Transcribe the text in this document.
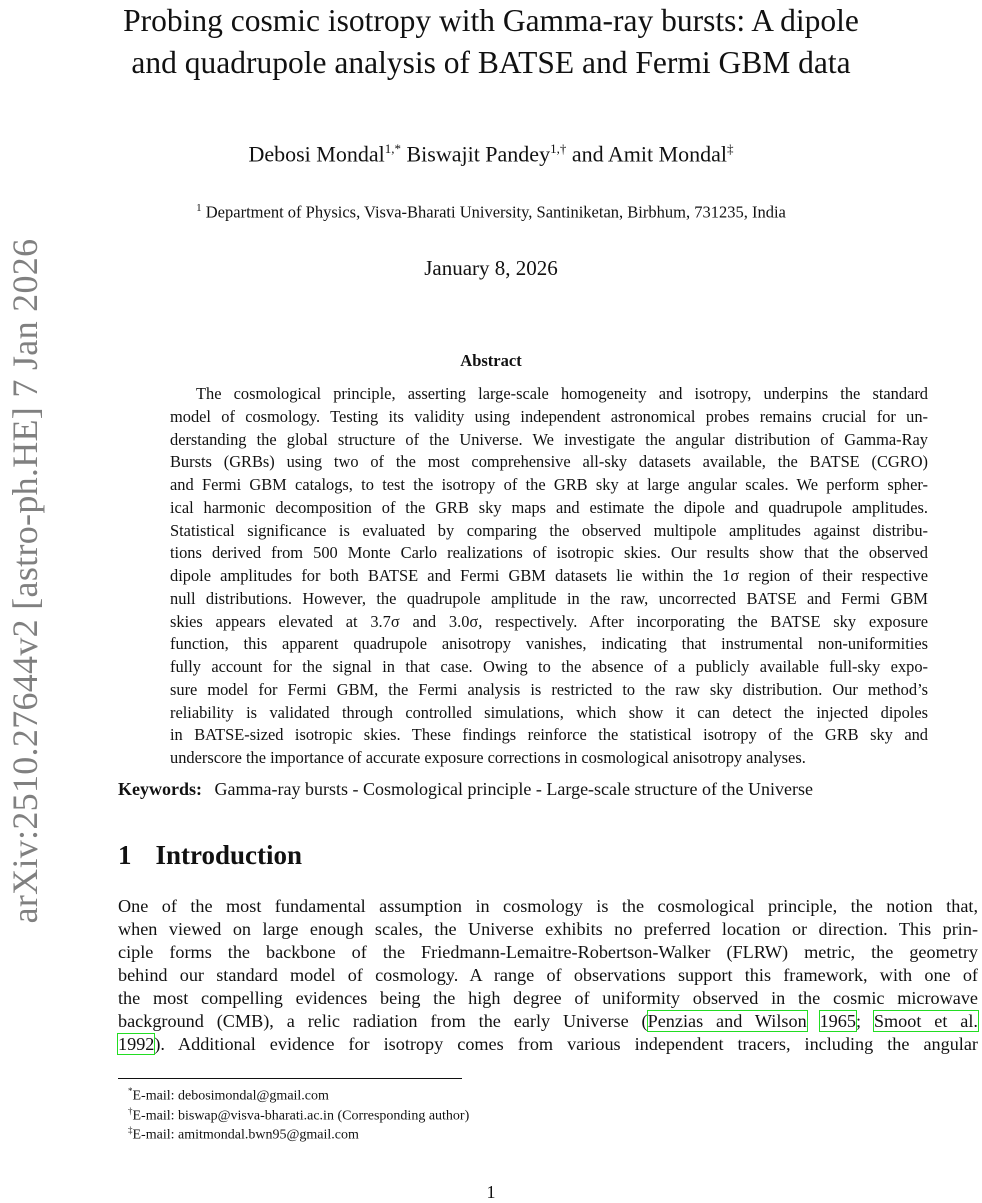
arXiv:2510.27644v2 [astro-ph.HE] 7 Jan 2026
Probing cosmic isotropy with Gamma-ray bursts: A dipole
and quadrupole analysis of BATSE and Fermi GBM data
Debosi Mondal$^{1,*}$ Biswajit Pandey$^{1,\dagger}$ and Amit Mondal‡
$^1$ Department of Physics, Visva-Bharati University, Santiniketan, Birbhum, 731235, India
January 8, 2026
Abstract
The cosmological principle, asserting large-scale homogeneity and isotropy, underpins the standard
model of cosmology. Testing its validity using independent astronomical probes remains crucial for un-
derstanding the global structure of the Universe. We investigate the angular distribution of Gamma-Ray
Bursts (GRBs) using two of the most comprehensive all-sky datasets available, the BATSE (CGRO)
and Fermi GBM catalogs, to test the isotropy of the GRB sky at large angular scales. We perform spher-
ical harmonic decomposition of the GRB sky maps and estimate the dipole and quadrupole amplitudes.
Statistical significance is evaluated by comparing the observed multipole amplitudes against distribu-
tions derived from 500 Monte Carlo realizations of isotropic skies. Our results show that the observed
dipole amplitudes for both BATSE and Fermi GBM datasets lie within the 1σ region of their respective
null distributions. However, the quadrupole amplitude in the raw, uncorrected BATSE and Fermi GBM
skies appears elevated at 3.7σ and 3.0σ, respectively. After incorporating the BATSE sky exposure
function, this apparent quadrupole anisotropy vanishes, indicating that instrumental non-uniformities
fully account for the signal in that case. Owing to the absence of a publicly available full-sky expo-
sure model for Fermi GBM, the Fermi analysis is restricted to the raw sky distribution. Our method’s
reliability is validated through controlled simulations, which show it can detect the injected dipoles
in BATSE-sized isotropic skies. These findings reinforce the statistical isotropy of the GRB sky and
underscore the importance of accurate exposure corrections in cosmological anisotropy analyses.
Keywords: Gamma-ray bursts - Cosmological principle - Large-scale structure of the Universe
1 Introduction
One of the most fundamental assumption in cosmology is the cosmological principle, the notion that,
when viewed on large enough scales, the Universe exhibits no preferred location or direction. This prin-
ciple forms the backbone of the Friedmann-Lemaitre-Robertson-Walker (FLRW) metric, the geometry
behind our standard model of cosmology. A range of observations support this framework, with one of
the most compelling evidences being the high degree of uniformity observed in the cosmic microwave
background (CMB), a relic radiation from the early Universe (Penzias and Wilson 1965; Smoot et al.
1992). Additional evidence for isotropy comes from various independent tracers, including the angular
*E-mail: debosimondal@gmail.com
†E-mail: biswap@visva-bharati.ac.in (Corresponding author)
‡E-mail: amitmondal.bwn95@gmail.com
1
